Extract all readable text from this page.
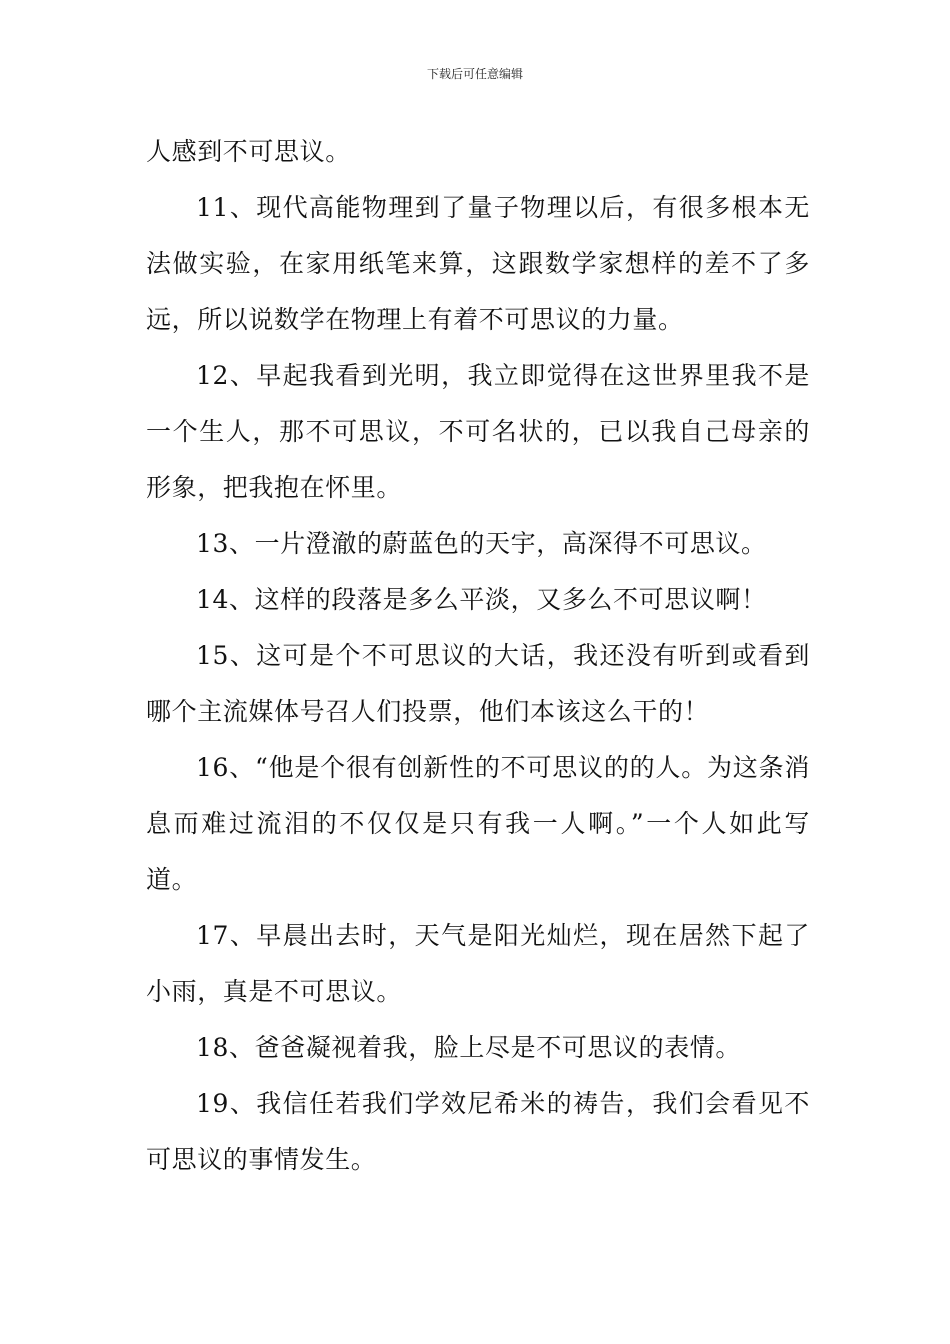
下载后可任意编辑

人感到不可思议。

11、现代高能物理到了量子物理以后，有很多根本无法做实验，在家用纸笔来算，这跟数学家想样的差不了多远，所以说数学在物理上有着不可思议的力量。

12、早起我看到光明，我立即觉得在这世界里我不是一个生人，那不可思议，不可名状的，已以我自己母亲的形象，把我抱在怀里。

13、一片澄澈的蔚蓝色的天宇，高深得不可思议。

14、这样的段落是多么平淡，又多么不可思议啊！

15、这可是个不可思议的大话，我还没有听到或看到哪个主流媒体号召人们投票，他们本该这么干的！

16、“他是个很有创新性的不可思议的的人。为这条消息而难过流泪的不仅仅是只有我一人啊。”一个人如此写道。

17、早晨出去时，天气是阳光灿烂，现在居然下起了小雨，真是不可思议。

18、爸爸凝视着我，脸上尽是不可思议的表情。

19、我信任若我们学效尼希米的祷告，我们会看见不可思议的事情发生。
